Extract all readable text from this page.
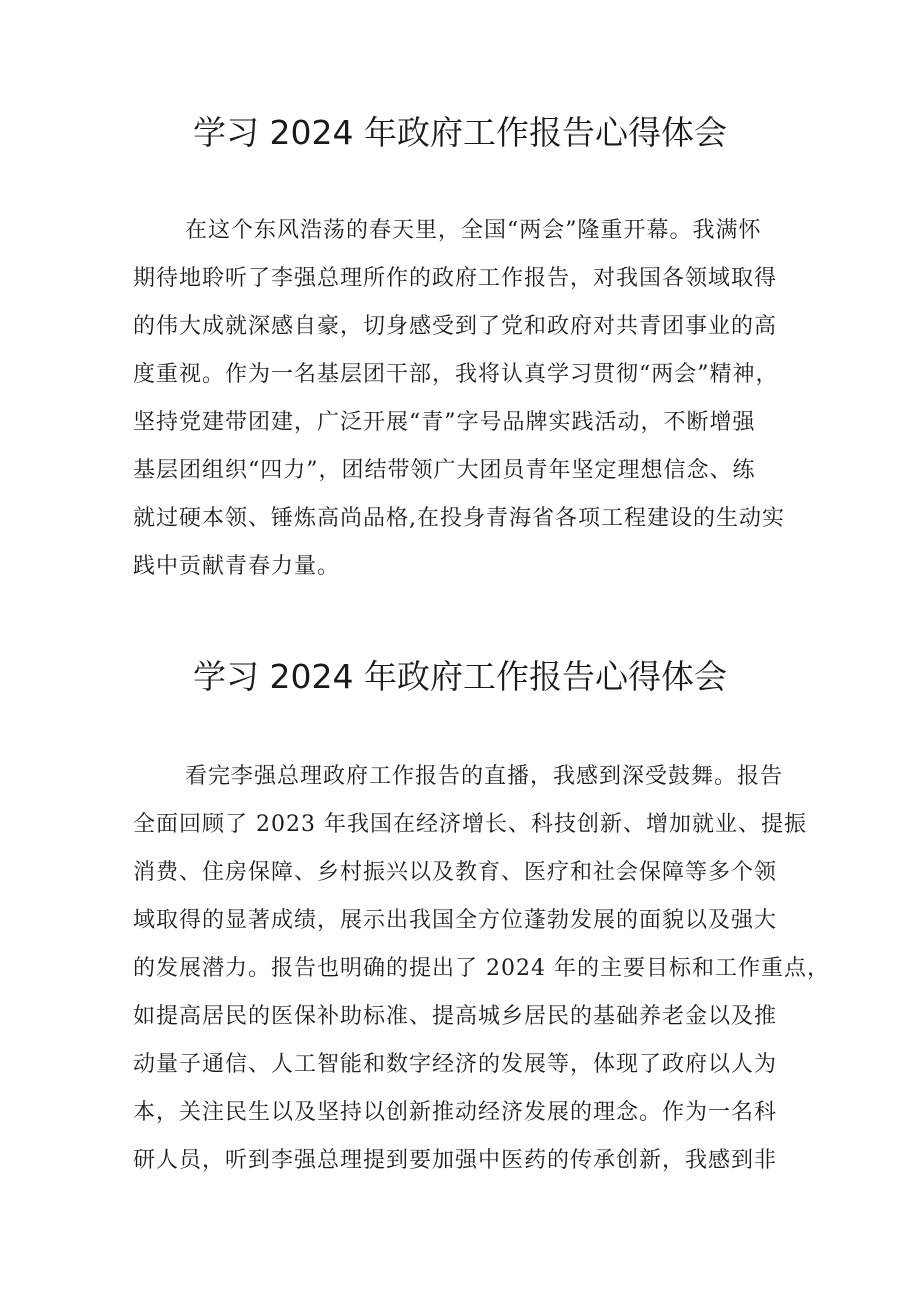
学习 2024 年政府工作报告心得体会
在这个东风浩荡的春天里，全国“两会”隆重开幕。我满怀
期待地聆听了李强总理所作的政府工作报告，对我国各领域取得
的伟大成就深感自豪，切身感受到了党和政府对共青团事业的高
度重视。作为一名基层团干部，我将认真学习贯彻“两会”精神，
坚持党建带团建，广泛开展“青”字号品牌实践活动，不断增强
基层团组织“四力”，团结带领广大团员青年坚定理想信念、练
就过硬本领、锤炼高尚品格,在投身青海省各项工程建设的生动实
践中贡献青春力量。
学习 2024 年政府工作报告心得体会
看完李强总理政府工作报告的直播，我感到深受鼓舞。报告
全面回顾了 2023 年我国在经济增长、科技创新、增加就业、提振
消费、住房保障、乡村振兴以及教育、医疗和社会保障等多个领
域取得的显著成绩，展示出我国全方位蓬勃发展的面貌以及强大
的发展潜力。报告也明确的提出了 2024 年的主要目标和工作重点，
如提高居民的医保补助标准、提高城乡居民的基础养老金以及推
动量子通信、人工智能和数字经济的发展等，体现了政府以人为
本，关注民生以及坚持以创新推动经济发展的理念。作为一名科
研人员，听到李强总理提到要加强中医药的传承创新，我感到非
